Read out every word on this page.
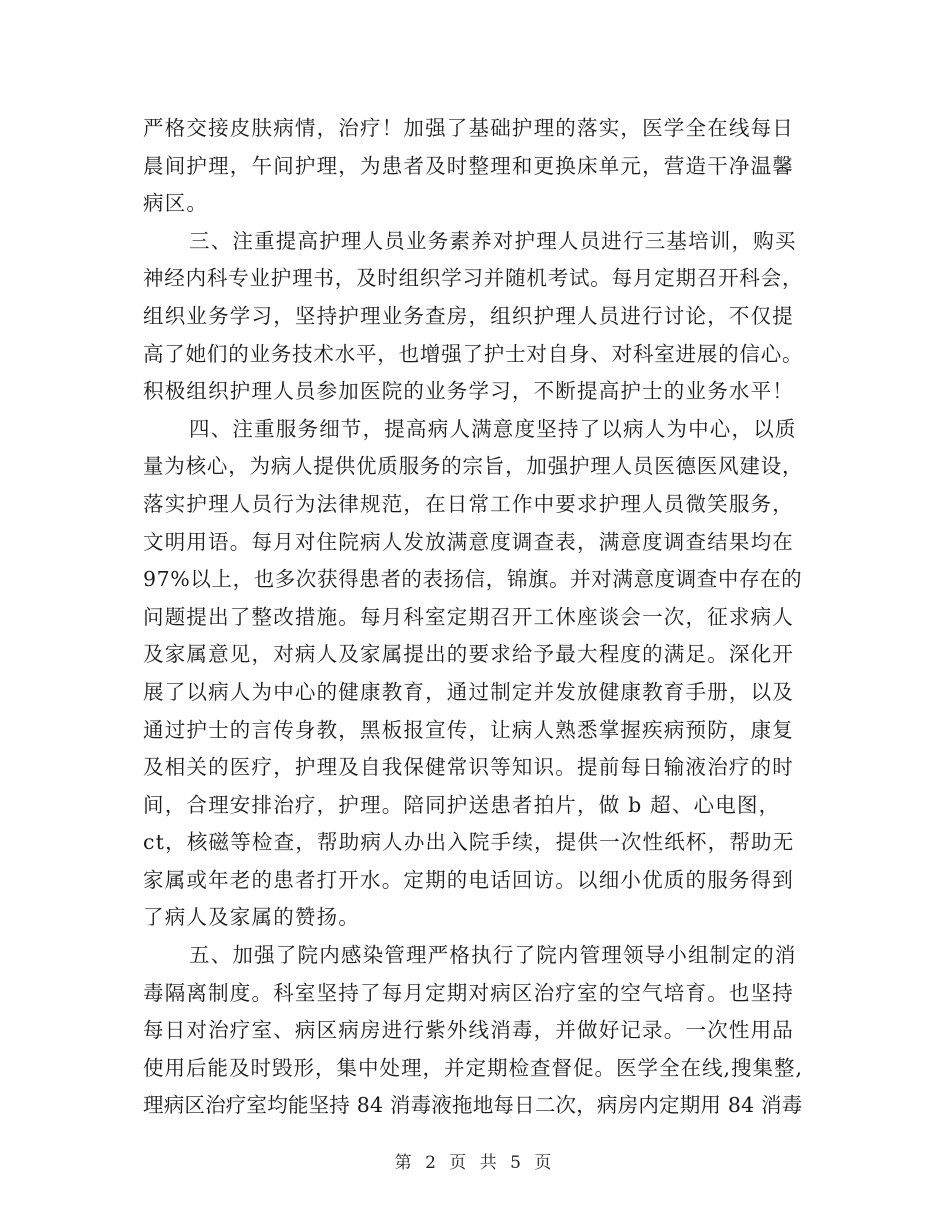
严格交接皮肤病情，治疗！加强了基础护理的落实，医学全在线每日
晨间护理，午间护理，为患者及时整理和更换床单元，营造干净温馨
病区。
三、注重提高护理人员业务素养对护理人员进行三基培训，购买
神经内科专业护理书，及时组织学习并随机考试。每月定期召开科会，
组织业务学习，坚持护理业务查房，组织护理人员进行讨论，不仅提
高了她们的业务技术水平，也增强了护士对自身、对科室进展的信心。
积极组织护理人员参加医院的业务学习，不断提高护士的业务水平！
四、注重服务细节，提高病人满意度坚持了以病人为中心，以质
量为核心，为病人提供优质服务的宗旨，加强护理人员医德医风建设，
落实护理人员行为法律规范，在日常工作中要求护理人员微笑服务，
文明用语。每月对住院病人发放满意度调查表，满意度调查结果均在
97%以上，也多次获得患者的表扬信，锦旗。并对满意度调查中存在的
问题提出了整改措施。每月科室定期召开工休座谈会一次，征求病人
及家属意见，对病人及家属提出的要求给予最大程度的满足。深化开
展了以病人为中心的健康教育，通过制定并发放健康教育手册，以及
通过护士的言传身教，黑板报宣传，让病人熟悉掌握疾病预防，康复
及相关的医疗，护理及自我保健常识等知识。提前每日输液治疗的时
间，合理安排治疗，护理。陪同护送患者拍片，做 b 超、心电图，
ct，核磁等检查，帮助病人办出入院手续，提供一次性纸杯，帮助无
家属或年老的患者打开水。定期的电话回访。以细小优质的服务得到
了病人及家属的赞扬。
五、加强了院内感染管理严格执行了院内管理领导小组制定的消
毒隔离制度。科室坚持了每月定期对病区治疗室的空气培育。也坚持
每日对治疗室、病区病房进行紫外线消毒，并做好记录。一次性用品
使用后能及时毁形，集中处理，并定期检查督促。医学全在线,搜集整,
理病区治疗室均能坚持 84 消毒液拖地每日二次，病房内定期用 84 消毒
第 2 页 共 5 页
